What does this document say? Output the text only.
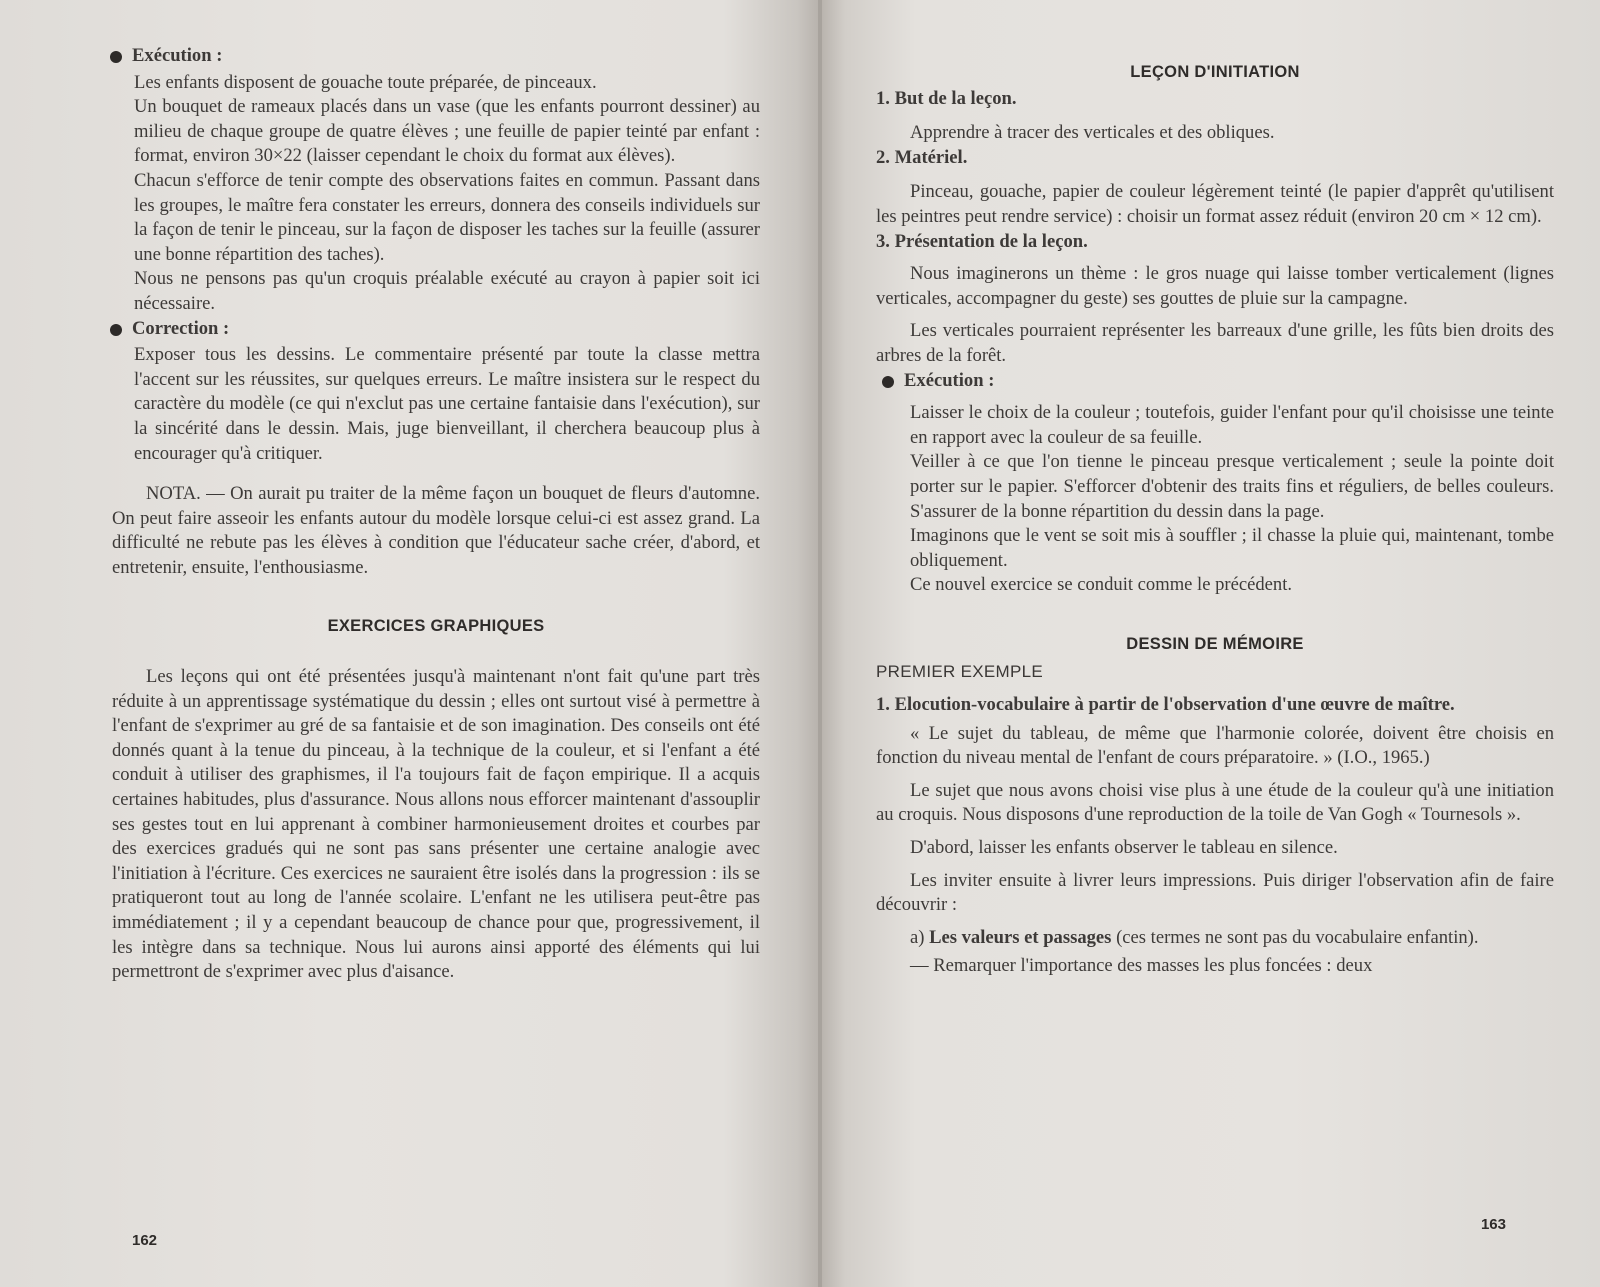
Exécution :

Les enfants disposent de gouache toute préparée, de pinceaux.

Un bouquet de rameaux placés dans un vase (que les enfants pourront dessiner) au milieu de chaque groupe de quatre élèves ; une feuille de papier teinté par enfant : format, environ 30×22 (laisser cependant le choix du format aux élèves).

Chacun s'efforce de tenir compte des observations faites en commun. Passant dans les groupes, le maître fera constater les erreurs, donnera des conseils individuels sur la façon de tenir le pinceau, sur la façon de disposer les taches sur la feuille (assurer une bonne répartition des taches).

Nous ne pensons pas qu'un croquis préalable exécuté au crayon à papier soit ici nécessaire.

Correction :

Exposer tous les dessins. Le commentaire présenté par toute la classe mettra l'accent sur les réussites, sur quelques erreurs. Le maître insistera sur le respect du caractère du modèle (ce qui n'exclut pas une certaine fantaisie dans l'exécution), sur la sincérité dans le dessin. Mais, juge bienveillant, il cherchera beaucoup plus à encourager qu'à critiquer.

NOTA. — On aurait pu traiter de la même façon un bouquet de fleurs d'automne. On peut faire asseoir les enfants autour du modèle lorsque celui-ci est assez grand. La difficulté ne rebute pas les élèves à condition que l'éducateur sache créer, d'abord, et entretenir, ensuite, l'enthousiasme.

EXERCICES GRAPHIQUES

Les leçons qui ont été présentées jusqu'à maintenant n'ont fait qu'une part très réduite à un apprentissage systématique du dessin ; elles ont surtout visé à permettre à l'enfant de s'exprimer au gré de sa fantaisie et de son imagination. Des conseils ont été donnés quant à la tenue du pinceau, à la technique de la couleur, et si l'enfant a été conduit à utiliser des graphismes, il l'a toujours fait de façon empirique. Il a acquis certaines habitudes, plus d'assurance. Nous allons nous efforcer maintenant d'assouplir ses gestes tout en lui apprenant à combiner harmonieusement droites et courbes par des exercices gradués qui ne sont pas sans présenter une certaine analogie avec l'initiation à l'écriture. Ces exercices ne sauraient être isolés dans la progression : ils se pratiqueront tout au long de l'année scolaire. L'enfant ne les utilisera peut-être pas immédiatement ; il y a cependant beaucoup de chance pour que, progressivement, il les intègre dans sa technique. Nous lui aurons ainsi apporté des éléments qui lui permettront de s'exprimer avec plus d'aisance.

162
LEÇON D'INITIATION

1. But de la leçon.

Apprendre à tracer des verticales et des obliques.

2. Matériel.

Pinceau, gouache, papier de couleur légèrement teinté (le papier d'apprêt qu'utilisent les peintres peut rendre service) : choisir un format assez réduit (environ 20 cm × 12 cm).

3. Présentation de la leçon.

Nous imaginerons un thème : le gros nuage qui laisse tomber verticalement (lignes verticales, accompagner du geste) ses gouttes de pluie sur la campagne.

Les verticales pourraient représenter les barreaux d'une grille, les fûts bien droits des arbres de la forêt.

Exécution :

Laisser le choix de la couleur ; toutefois, guider l'enfant pour qu'il choisisse une teinte en rapport avec la couleur de sa feuille.

Veiller à ce que l'on tienne le pinceau presque verticalement ; seule la pointe doit porter sur le papier. S'efforcer d'obtenir des traits fins et réguliers, de belles couleurs. S'assurer de la bonne répartition du dessin dans la page.

Imaginons que le vent se soit mis à souffler ; il chasse la pluie qui, maintenant, tombe obliquement.

Ce nouvel exercice se conduit comme le précédent.

DESSIN DE MÉMOIRE
PREMIER EXEMPLE

1. Elocution-vocabulaire à partir de l'observation d'une œuvre de maître.

« Le sujet du tableau, de même que l'harmonie colorée, doivent être choisis en fonction du niveau mental de l'enfant de cours préparatoire. » (I.O., 1965.)

Le sujet que nous avons choisi vise plus à une étude de la couleur qu'à une initiation au croquis. Nous disposons d'une reproduction de la toile de Van Gogh « Tournesols ».

D'abord, laisser les enfants observer le tableau en silence.

Les inviter ensuite à livrer leurs impressions. Puis diriger l'observation afin de faire découvrir :

a) Les valeurs et passages (ces termes ne sont pas du vocabulaire enfantin).

— Remarquer l'importance des masses les plus foncées : deux

163
